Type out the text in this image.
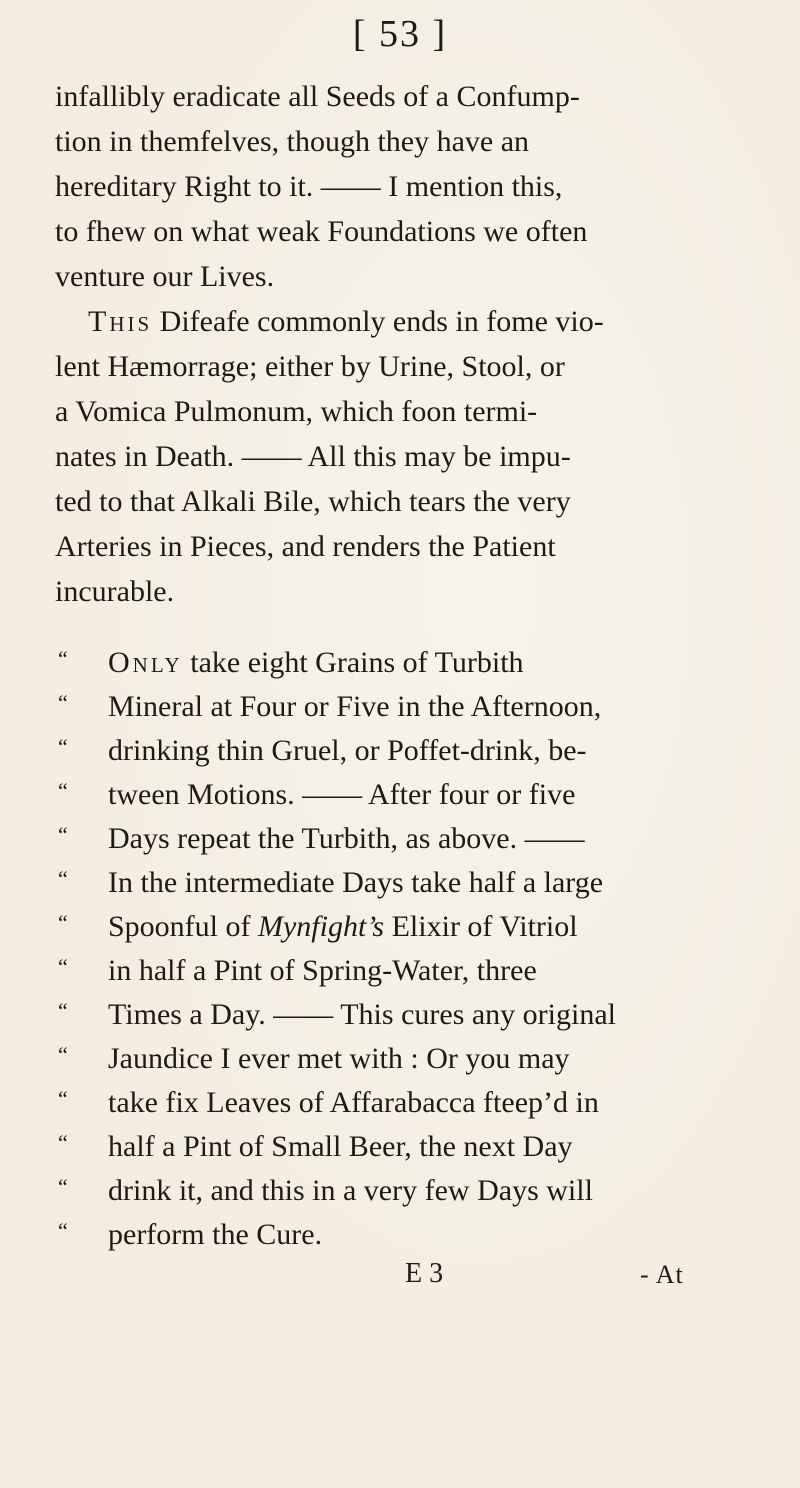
[ 53 ]
infallibly eradicate all Seeds of a Confump-
tion in themfelves, though they have an
hereditary Right to it. —— I mention this,
to fhew on what weak Foundations we often
venture our Lives.
This Difeafe commonly ends in fome vio-
lent Hæmorrage; either by Urine, Stool, or
a Vomica Pulmonum, which foon termi-
nates in Death. —— All this may be impu-
ted to that Alkali Bile, which tears the very
Arteries in Pieces, and renders the Patient
incurable.
“ Only take eight Grains of Turbith
“ Mineral at Four or Five in the Afternoon,
“ drinking thin Gruel, or Poffet-drink, be-
“ tween Motions. —— After four or five
“ Days repeat the Turbith, as above. ——
“ In the intermediate Days take half a large
“ Spoonful of Mynfight’s Elixir of Vitriol
“ in half a Pint of Spring-Water, three
“ Times a Day. —— This cures any original
“ Jaundice I ever met with : Or you may
“ take fix Leaves of Affarabacca fteep’d in
“ half a Pint of Small Beer, the next Day
“ drink it, and this in a very few Days will
“ perform the Cure.
E 3	- At
